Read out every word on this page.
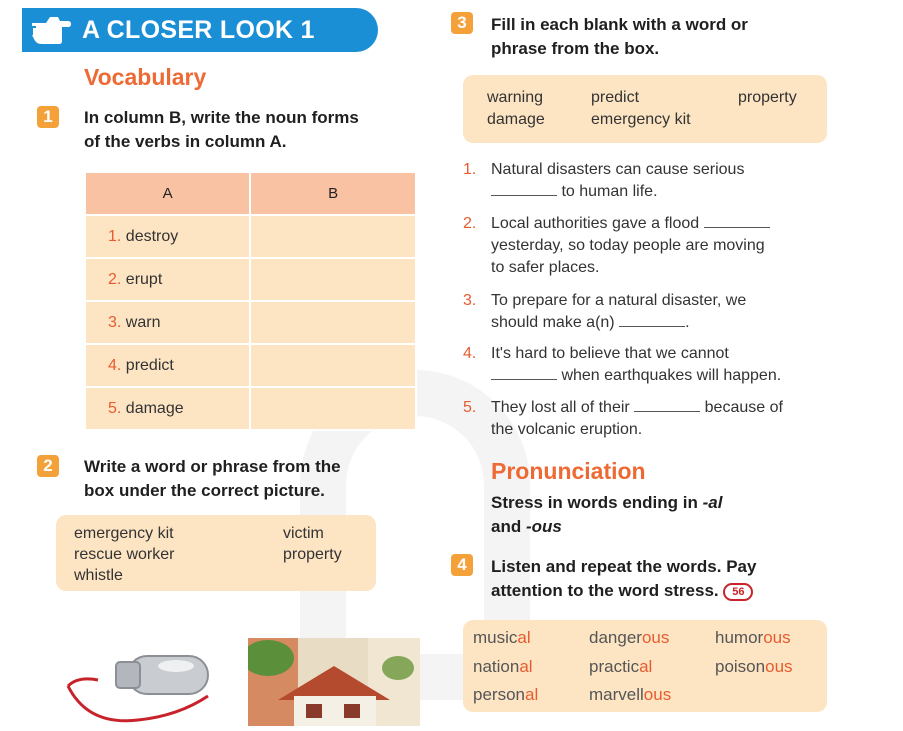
A CLOSER LOOK 1
Vocabulary
1	In column B, write the noun forms
of the verbs in column A.
A	B
1. destroy	
2. erupt	
3. warn	
4. predict	
5. damage	
2	Write a word or phrase from the
box under the correct picture.
emergency kit	victim
rescue worker	property
whistle
3	Fill in each blank with a word or
phrase from the box.
warning	predict	property
damage	emergency kit
1. Natural disasters can cause serious
to human life.
2. Local authorities gave a flood
yesterday, so today people are moving
to safer places.
3. To prepare for a natural disaster, we
should make a(n)	.
4. It's hard to believe that we cannot
when earthquakes will happen.
5. They lost all of their	because of
the volcanic eruption.
Pronunciation
Stress in words ending in -al
and -ous
4	Listen and repeat the words. Pay
attention to the word stress. 56
musical	dangerous	humorous
national	practical	poisonous
personal	marvellous
